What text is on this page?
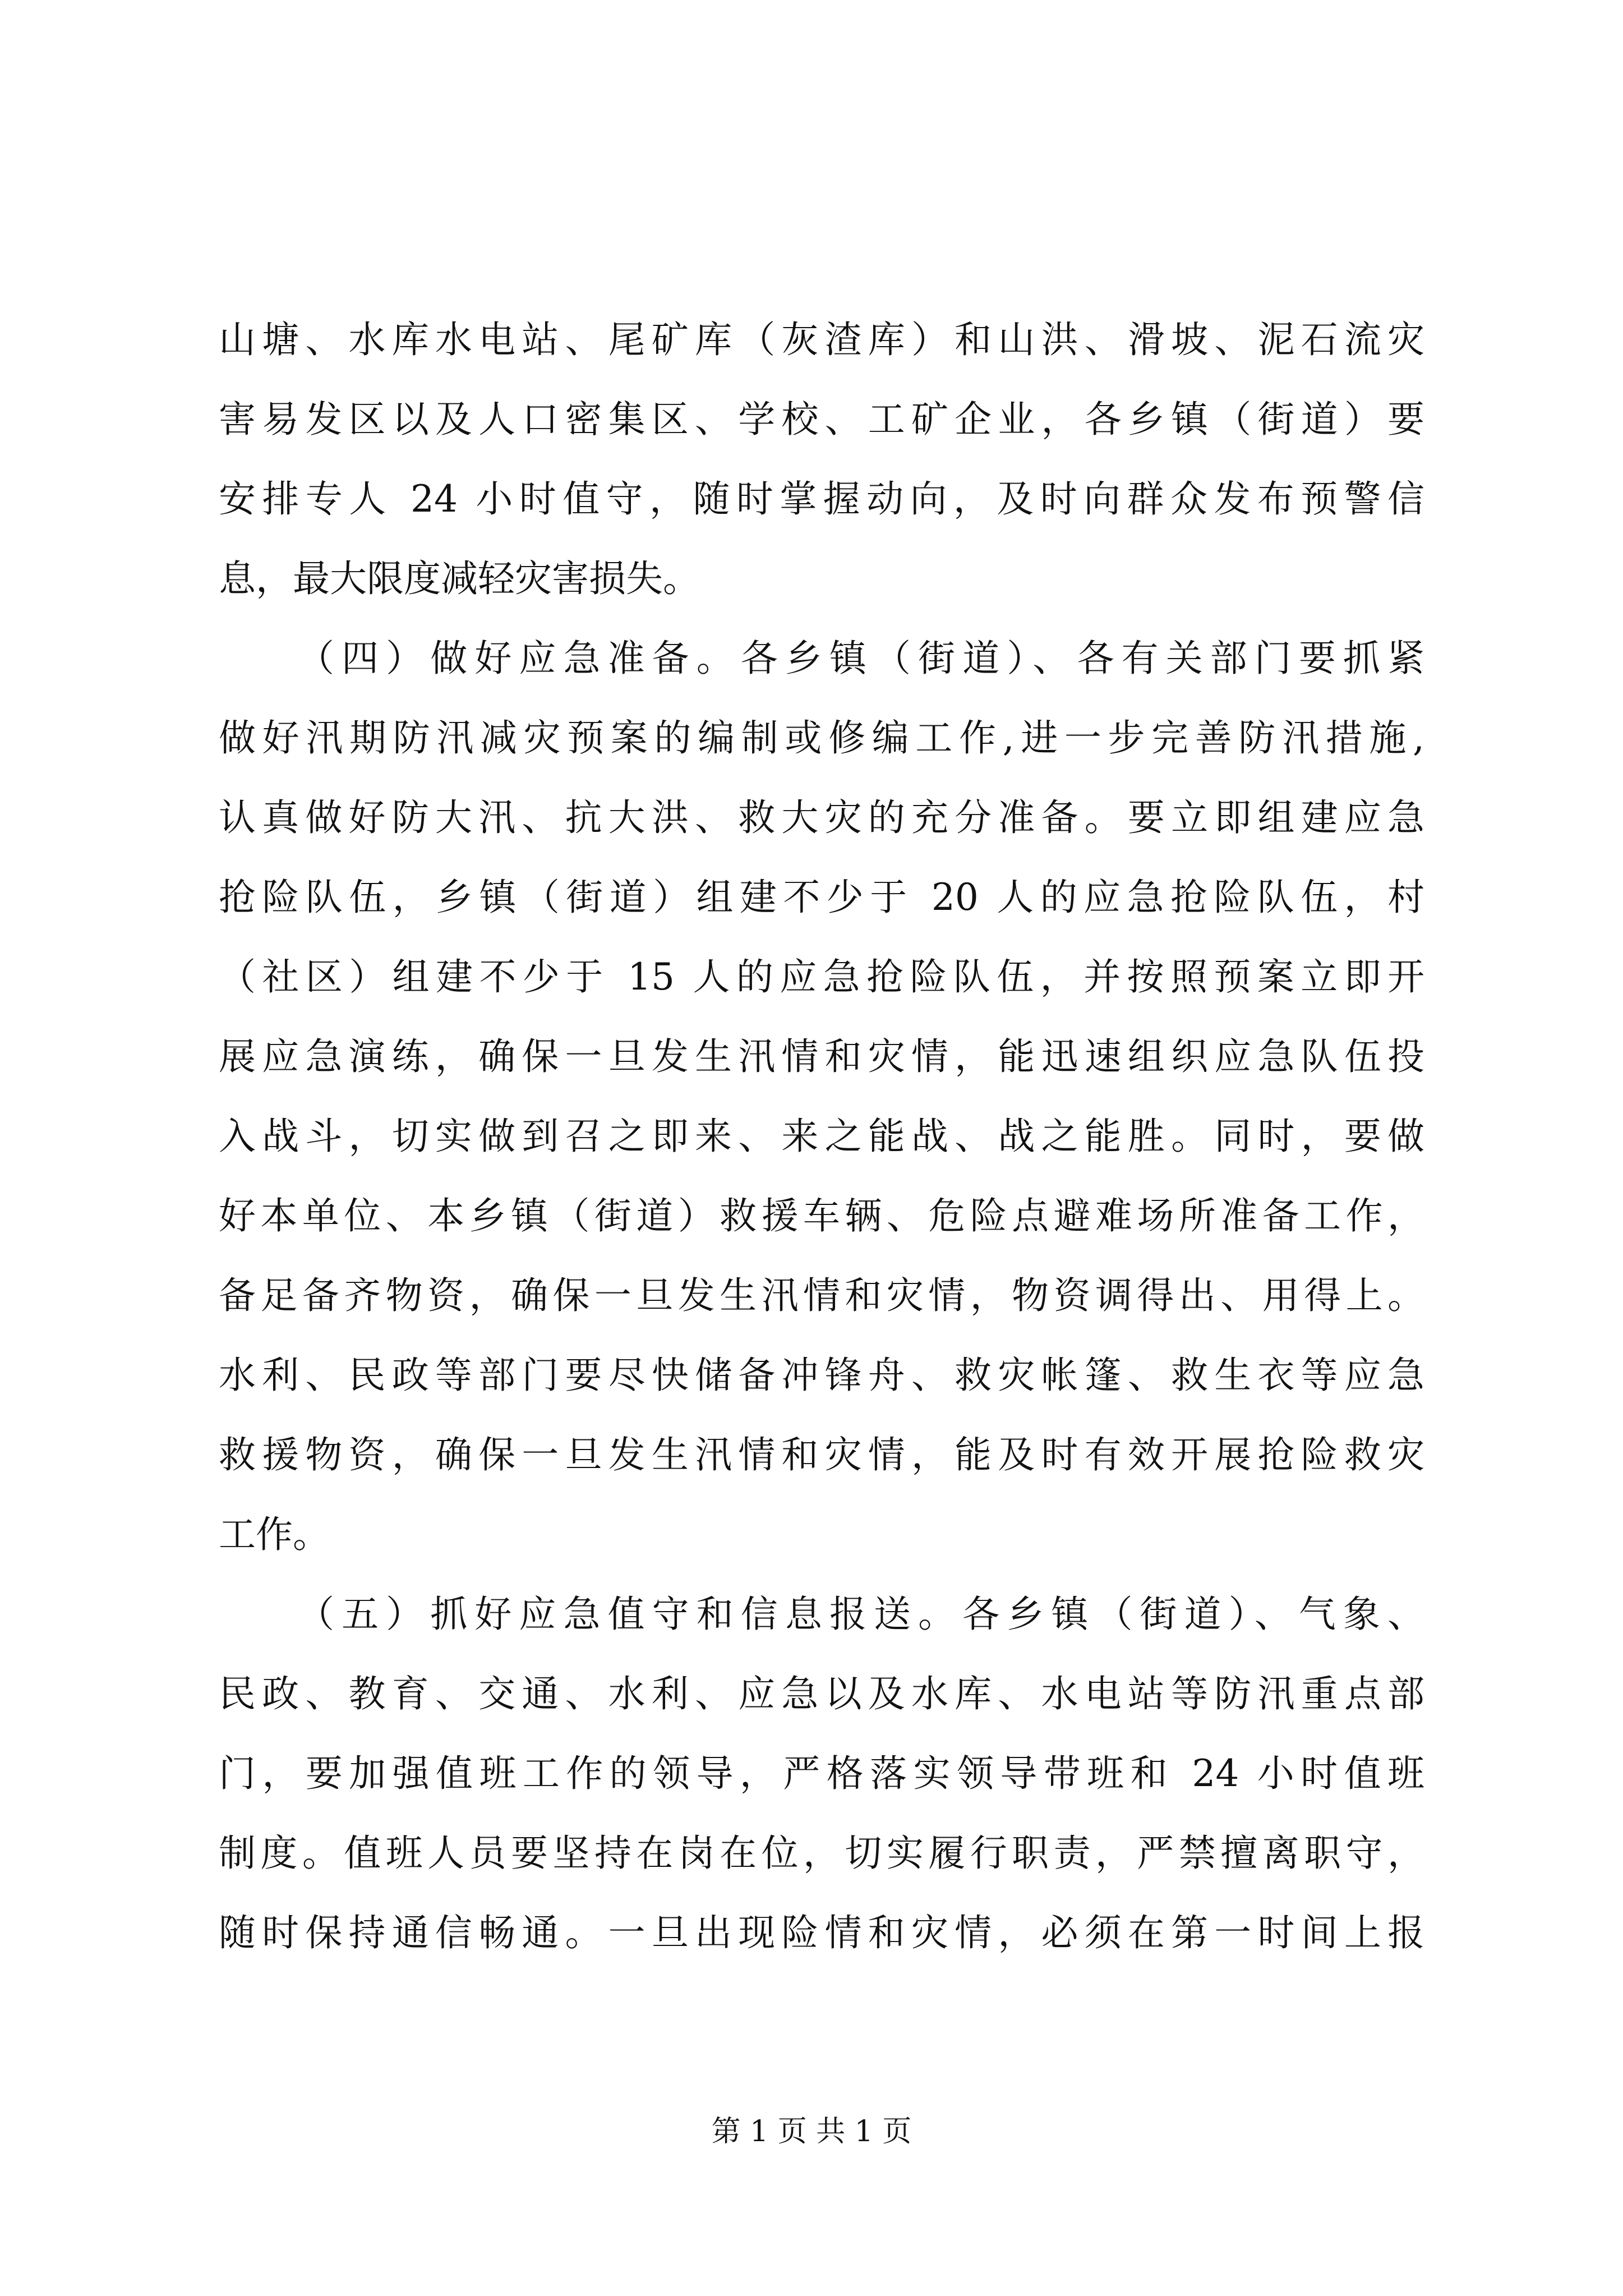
山塘、水库水电站、尾矿库（灰渣库）和山洪、滑坡、泥石流灾
害易发区以及人口密集区、学校、工矿企业，各乡镇（街道）要
安排专人 24 小时值守，随时掌握动向，及时向群众发布预警信
息，最大限度减轻灾害损失。
（四）做好应急准备。各乡镇（街道）、各有关部门要抓紧
做好汛期防汛减灾预案的编制或修编工作,进一步完善防汛措施,
认真做好防大汛、抗大洪、救大灾的充分准备。要立即组建应急
抢险队伍，乡镇（街道）组建不少于 20 人的应急抢险队伍，村
（社区）组建不少于 15 人的应急抢险队伍，并按照预案立即开
展应急演练，确保一旦发生汛情和灾情，能迅速组织应急队伍投
入战斗，切实做到召之即来、来之能战、战之能胜。同时，要做
好本单位、本乡镇（街道）救援车辆、危险点避难场所准备工作，
备足备齐物资，确保一旦发生汛情和灾情，物资调得出、用得上。
水利、民政等部门要尽快储备冲锋舟、救灾帐篷、救生衣等应急
救援物资，确保一旦发生汛情和灾情，能及时有效开展抢险救灾
工作。
（五）抓好应急值守和信息报送。各乡镇（街道）、气象、
民政、教育、交通、水利、应急以及水库、水电站等防汛重点部
门，要加强值班工作的领导，严格落实领导带班和 24 小时值班
制度。值班人员要坚持在岗在位，切实履行职责，严禁擅离职守，
随时保持通信畅通。一旦出现险情和灾情，必须在第一时间上报
第 1 页 共 1 页
